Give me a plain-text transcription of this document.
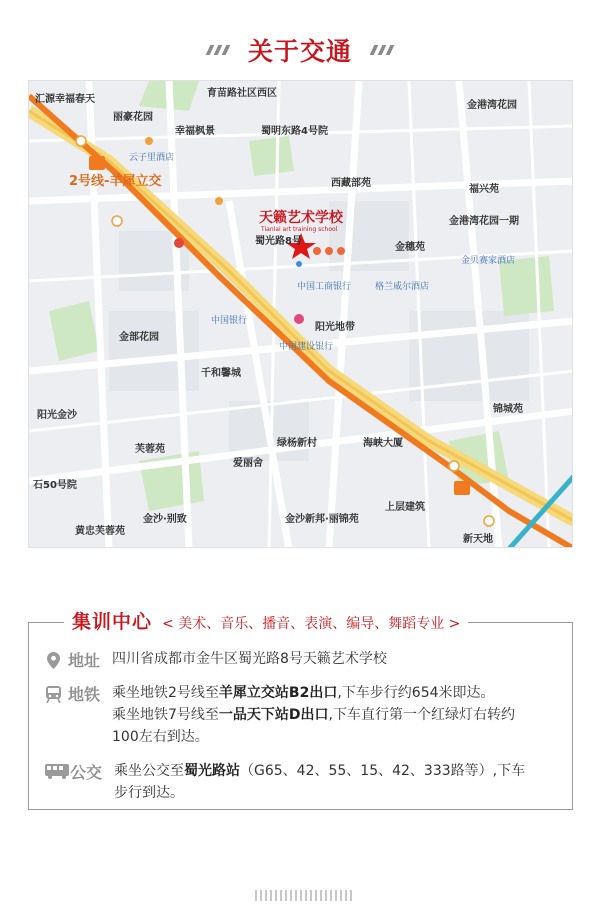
关于交通
汇源幸福春天
育苗路社区西区
金港湾花园
丽豪花园
幸福枫景	蜀明东路4号院
云子里酒店
2号线-羊犀立交	西藏部苑
福兴苑
金港湾花园一期
天籁艺术学校
Tianlai art training school
蜀光路8号
金穗苑
金贝赛家酒店
格兰威尔酒店
中国工商银行
金部花园
阳光地带
中国银行
中国建设银行
千和馨城
阳光金沙
锦城苑
芙蓉苑
绿杨新村
爱丽舍
海峡大厦
上层建筑
石50号院
金沙·别致	金沙新邦·丽锦苑
黄忠芙蓉苑
新天地
集训中心 < 美术、音乐、播音、表演、编导、舞蹈专业 >
地址 四川省成都市金牛区蜀光路8号天籁艺术学校
地铁 乘坐地铁2号线至羊犀立交站B2出口,下车步行约654米即达。
乘坐地铁7号线至一品天下站D出口,下车直行第一个红绿灯右转约100左右到达。
公交 乘坐公交至蜀光路站（G65、42、55、15、42、333路等）,下车步行到达。
